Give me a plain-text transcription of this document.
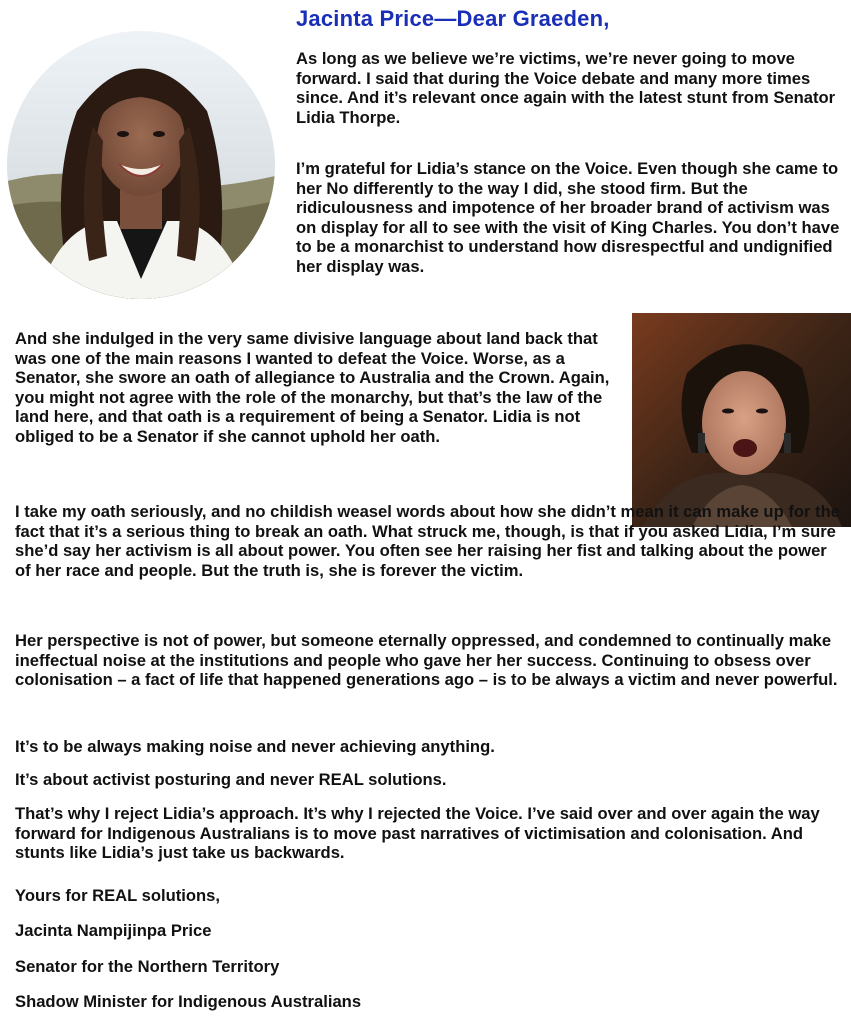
Jacinta Price—Dear Graeden,

As long as we believe we’re victims, we’re never going to move forward. I said that during the Voice debate and many more times since. And it’s relevant once again with the latest stunt from Senator Lidia Thorpe.

I’m grateful for Lidia’s stance on the Voice. Even though she came to her No differently to the way I did, she stood firm. But the ridiculousness and impotence of her broader brand of activism was on display for all to see with the visit of King Charles. You don’t have to be a monarchist to understand how disrespectful and undignified her display was.

And she indulged in the very same divisive language about land back that was one of the main reasons I wanted to defeat the Voice. Worse, as a Senator, she swore an oath of allegiance to Australia and the Crown. Again, you might not agree with the role of the monarchy, but that’s the law of the land here, and that oath is a requirement of being a Senator. Lidia is not obliged to be a Senator if she cannot uphold her oath.

I take my oath seriously, and no childish weasel words about how she didn’t mean it can make up for the fact that it’s a serious thing to break an oath. What struck me, though, is that if you asked Lidia, I’m sure she’d say her activism is all about power. You often see her raising her fist and talking about the power of her race and people. But the truth is, she is forever the victim.

Her perspective is not of power, but someone eternally oppressed, and condemned to continually make ineffectual noise at the institutions and people who gave her her success. Continuing to obsess over colonisation – a fact of life that happened generations ago – is to be always a victim and never powerful.

It’s to be always making noise and never achieving anything.

It’s about activist posturing and never REAL solutions.

That’s why I reject Lidia’s approach. It’s why I rejected the Voice. I’ve said over and over again the way forward for Indigenous Australians is to move past narratives of victimisation and colonisation. And stunts like Lidia’s just take us backwards.

Yours for REAL solutions,

Jacinta Nampijinpa Price

Senator for the Northern Territory

Shadow Minister for Indigenous Australians
